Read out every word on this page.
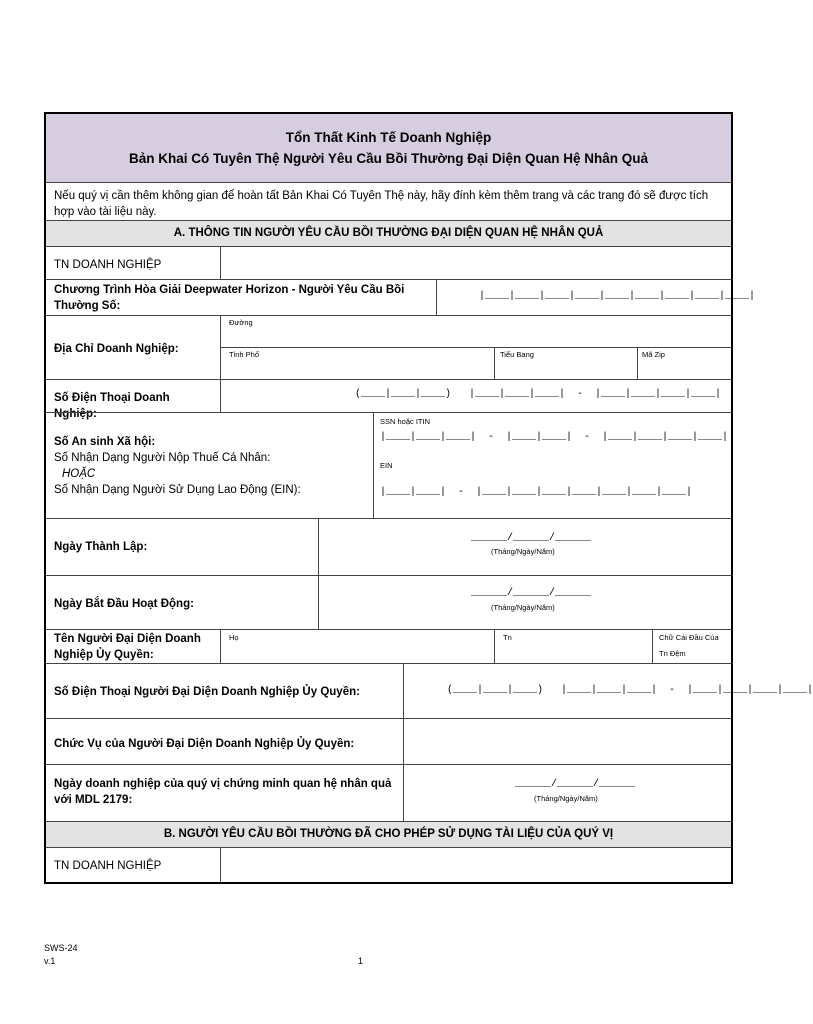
Tổn Thất Kinh Tế Doanh Nghiệp
Bản Khai Có Tuyên Thệ Người Yêu Cầu Bồi Thường Đại Diện Quan Hệ Nhân Quả
Nếu quý vị cần thêm không gian để hoàn tất Bản Khai Có Tuyên Thệ này, hãy đính kèm thêm trang và các trang đó sẽ được tích hợp vào tài liệu này.
A. THÔNG TIN NGƯỜI YÊU CẦU BỒI THƯỜNG ĐẠI DIỆN QUAN HỆ NHÂN QUẢ
TN DOANH NGHIỆP
Chương Trình Hòa Giải Deepwater Horizon - Người Yêu Cầu Bồi Thường Số:
|____|____|____|____|____|____|____|____|____|
Địa Chỉ Doanh Nghiệp:
Đường
Tỉnh Phố	Tiểu Bang	Mã Zip
Số Điện Thoại Doanh Nghiệp:
(____|____|____)   |____|____|____|  -  |____|____|____|____|
Số An sinh Xã hội:
Số Nhận Dạng Người Nộp Thuế Cá Nhân:
HOẶC
Số Nhận Dạng Người Sử Dụng Lao Động (EIN):
SSN hoặc ITIN
|____|____|____|  -  |____|____|  -  |____|____|____|____|
EIN
|____|____|  -  |____|____|____|____|____|____|____|
Ngày Thành Lập:
______/______/______
(Tháng/Ngày/Năm)
Ngày Bắt Đầu Hoạt Động:
______/______/______
(Tháng/Ngày/Năm)
Tên Người Đại Diện Doanh Nghiệp Ủy Quyền:
Họ	Tn	Chữ Cái Đầu Của
Tn Đệm
Số Điện Thoại Người Đại Diện Doanh Nghiệp Ủy Quyền:	(____|____|____)   |____|____|____|  -  |____|____|____|____|
Chức Vụ của Người Đại Diện Doanh Nghiệp Ủy Quyền:
Ngày doanh nghiệp của quý vị chứng minh quan hệ nhân quả với MDL 2179:
______/______/______
(Tháng/Ngày/Năm)
B. NGƯỜI YÊU CẦU BỒI THƯỜNG ĐÃ CHO PHÉP SỬ DỤNG TÀI LIỆU CỦA QUÝ VỊ
TN DOANH NGHIỆP
SWS-24
v.1	1
